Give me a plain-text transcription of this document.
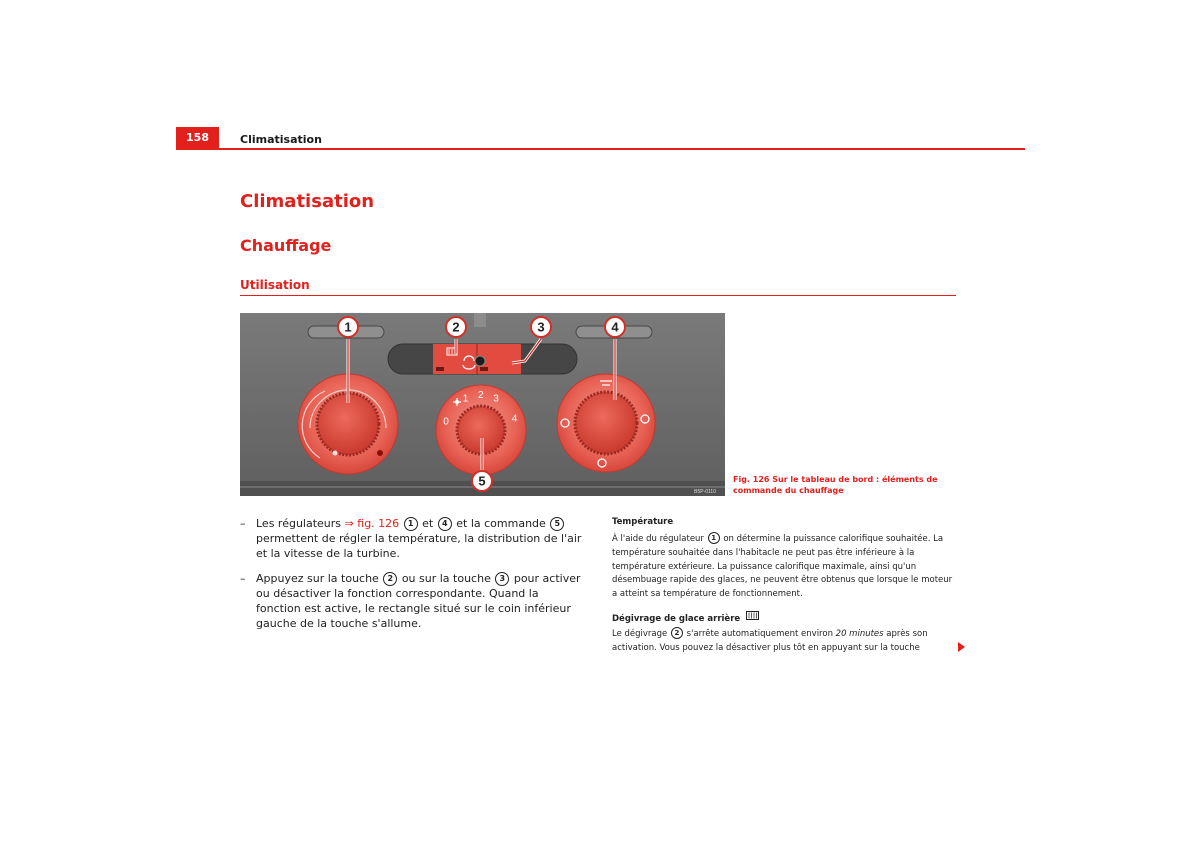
158	Climatisation
Climatisation
Chauffage
Utilisation
01 2 34
1	2	3	4
5
B5P-0110
Fig. 126 Sur le tableau de bord : éléments de commande du chauffage
– Les régulateurs ⇒ fig. 126 1 et 4 et la commande 5 permettent de régler la température, la distribution de l'air et la vitesse de la turbine.
– Appuyez sur la touche 2 ou sur la touche 3 pour activer ou désactiver la fonction correspondante. Quand la fonction est active, le rectangle situé sur le coin inférieur gauche de la touche s'allume.
Température
À l'aide du régulateur 1 on détermine la puissance calorifique souhaitée. La température souhaitée dans l'habitacle ne peut pas être inférieure à la température extérieure. La puissance calorifique maximale, ainsi qu'un désembuage rapide des glaces, ne peuvent être obtenus que lorsque le moteur a atteint sa température de fonctionnement.
Dégivrage de glace arrière
Le dégivrage 2 s'arrête automatiquement environ 20 minutes après son activation. Vous pouvez la désactiver plus tôt en appuyant sur la touche
